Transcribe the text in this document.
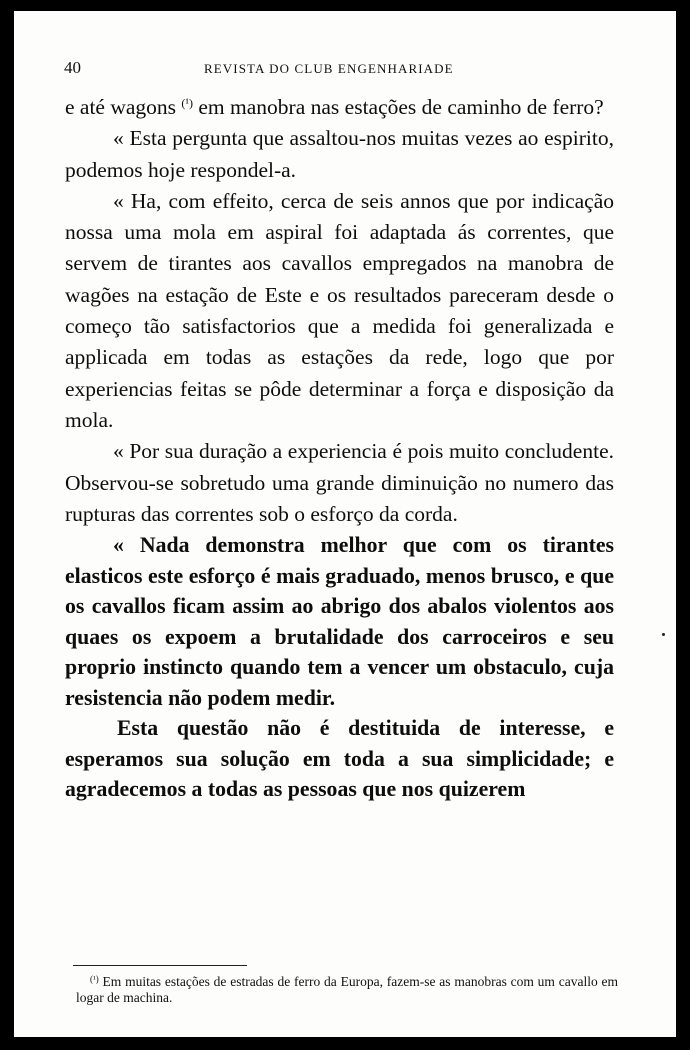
40	REVISTA DO CLUB ENGENHARIADE

e até wagons $^{(^1)}$ em manobra nas estações de caminho de ferro?

« Esta pergunta que assaltou-nos muitas vezes ao espirito, podemos hoje respondel-a.

« Ha, com effeito, cerca de seis annos que por indicação nossa uma mola em aspiral foi adaptada ás correntes, que servem de tirantes aos cavallos empregados na manobra de wagões na estação de Este e os resultados pareceram desde o começo tão satisfactorios que a medida foi generalizada e applicada em todas as estações da rede, logo que por experiencias feitas se pôde determinar a força e disposição da mola.

« Por sua duração a experiencia é pois muito concludente. Observou-se sobretudo uma grande diminuição no numero das rupturas das correntes sob o esforço da corda.

« Nada demonstra melhor que com os tirantes elasticos este esforço é mais graduado, menos brusco, e que os cavallos ficam assim ao abrigo dos abalos violentos aos quaes os expoem a brutalidade dos carroceiros e seu proprio instincto quando tem a vencer um obstaculo, cuja resistencia não podem medir.

Esta questão não é destituida de interesse, e esperamos sua solução em toda a sua simplicidade; e agradecemos a todas as pessoas que nos quizerem

$^{(^1)}$ Em muitas estações de estradas de ferro da Europa, fazem-se as manobras com um cavallo em logar de machina.
